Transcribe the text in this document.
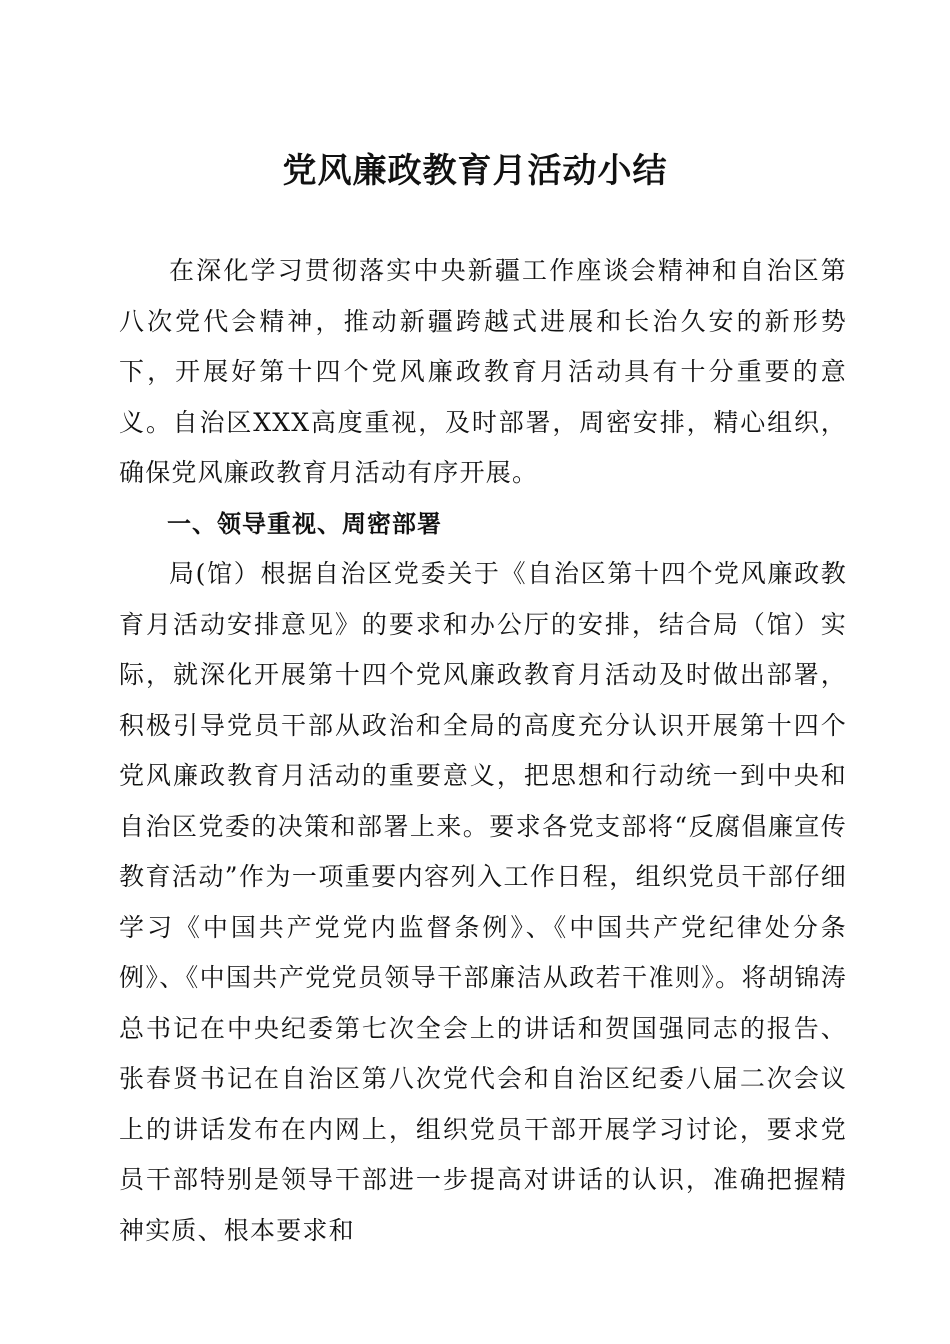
党风廉政教育月活动小结

在深化学习贯彻落实中央新疆工作座谈会精神和自治区第八次党代会精神，推动新疆跨越式进展和长治久安的新形势下，开展好第十四个党风廉政教育月活动具有十分重要的意义。自治区XXX高度重视，及时部署，周密安排，精心组织，确保党风廉政教育月活动有序开展。

一、领导重视、周密部署

局(馆）根据自治区党委关于《自治区第十四个党风廉政教育月活动安排意见》的要求和办公厅的安排，结合局（馆）实际，就深化开展第十四个党风廉政教育月活动及时做出部署，积极引导党员干部从政治和全局的高度充分认识开展第十四个党风廉政教育月活动的重要意义，把思想和行动统一到中央和自治区党委的决策和部署上来。要求各党支部将“反腐倡廉宣传教育活动”作为一项重要内容列入工作日程，组织党员干部仔细学习《中国共产党党内监督条例》、《中国共产党纪律处分条例》、《中国共产党党员领导干部廉洁从政若干准则》。将胡锦涛总书记在中央纪委第七次全会上的讲话和贺国强同志的报告、张春贤书记在自治区第八次党代会和自治区纪委八届二次会议上的讲话发布在内网上，组织党员干部开展学习讨论，要求党员干部特别是领导干部进一步提高对讲话的认识，准确把握精神实质、根本要求和
